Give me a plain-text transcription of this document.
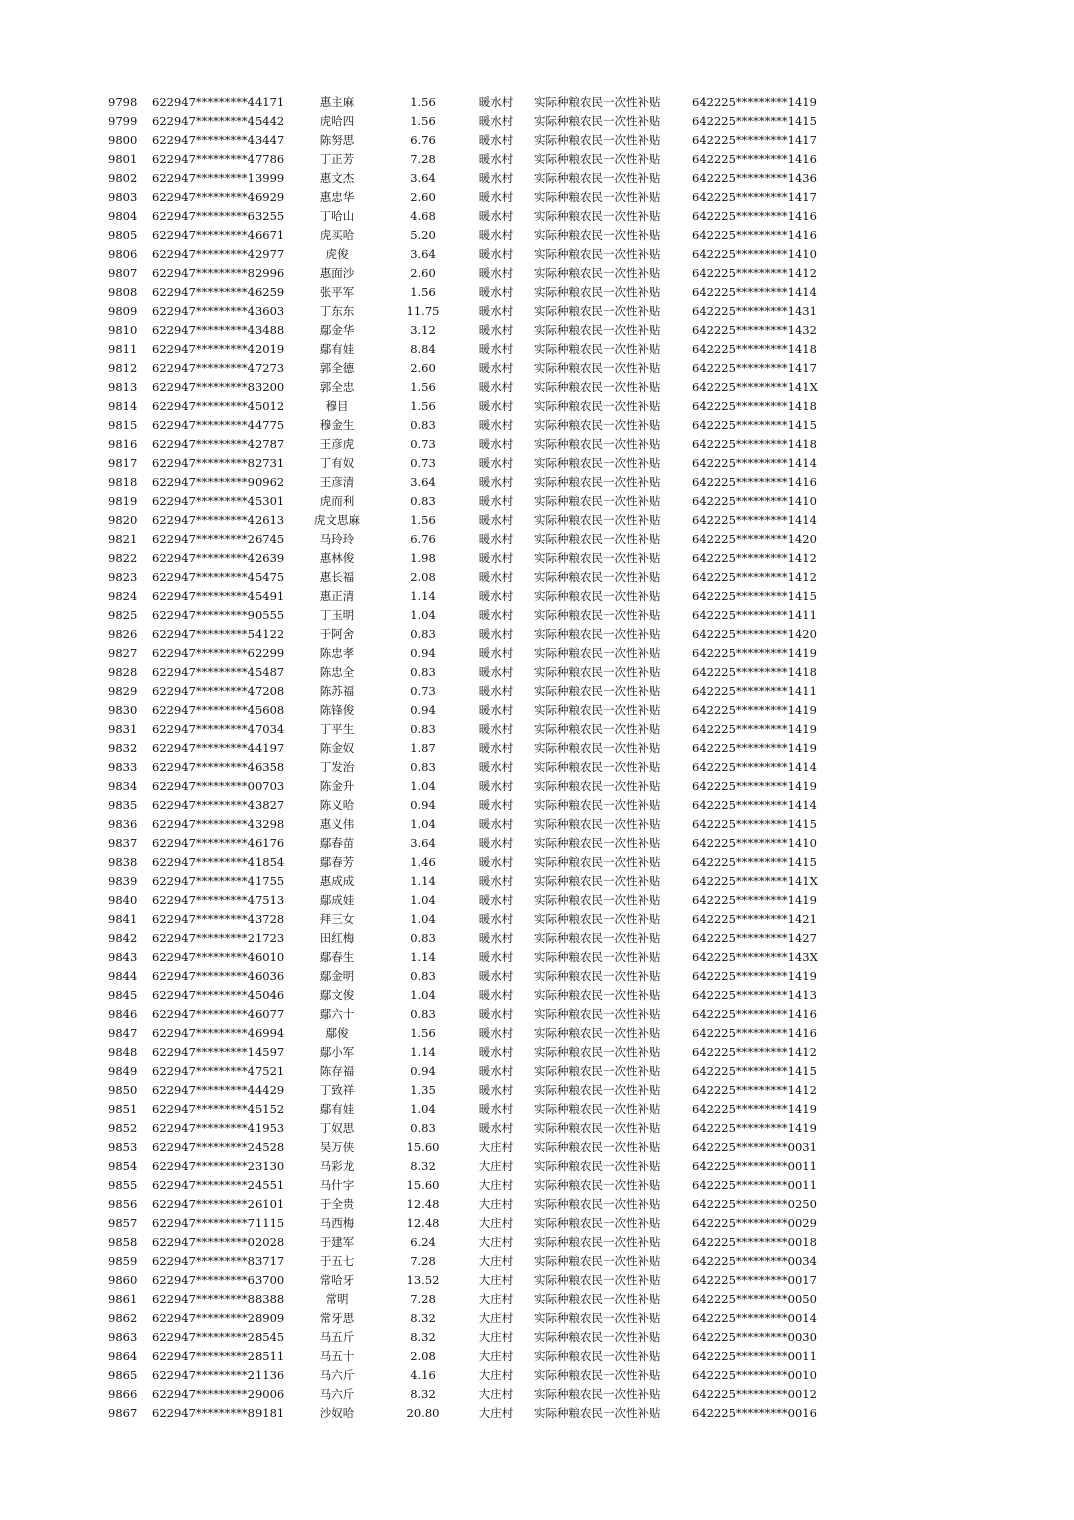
9798	622947*********44171	惠主麻	1.56	暖水村	实际种粮农民一次性补贴	642225*********1419
9799	622947*********45442	虎哈四	1.56	暖水村	实际种粮农民一次性补贴	642225*********1415
9800	622947*********43447	陈努思	6.76	暖水村	实际种粮农民一次性补贴	642225*********1417
9801	622947*********47786	丁正芳	7.28	暖水村	实际种粮农民一次性补贴	642225*********1416
9802	622947*********13999	惠文杰	3.64	暖水村	实际种粮农民一次性补贴	642225*********1436
9803	622947*********46929	惠忠华	2.60	暖水村	实际种粮农民一次性补贴	642225*********1417
9804	622947*********63255	丁哈山	4.68	暖水村	实际种粮农民一次性补贴	642225*********1416
9805	622947*********46671	虎买哈	5.20	暖水村	实际种粮农民一次性补贴	642225*********1416
9806	622947*********42977	虎俊	3.64	暖水村	实际种粮农民一次性补贴	642225*********1410
9807	622947*********82996	惠面沙	2.60	暖水村	实际种粮农民一次性补贴	642225*********1412
9808	622947*********46259	张平军	1.56	暖水村	实际种粮农民一次性补贴	642225*********1414
9809	622947*********43603	丁东东	11.75	暖水村	实际种粮农民一次性补贴	642225*********1431
9810	622947*********43488	鄢金华	3.12	暖水村	实际种粮农民一次性补贴	642225*********1432
9811	622947*********42019	鄢有娃	8.84	暖水村	实际种粮农民一次性补贴	642225*********1418
9812	622947*********47273	郭全德	2.60	暖水村	实际种粮农民一次性补贴	642225*********1417
9813	622947*********83200	郭全忠	1.56	暖水村	实际种粮农民一次性补贴	642225*********141X
9814	622947*********45012	穆目	1.56	暖水村	实际种粮农民一次性补贴	642225*********1418
9815	622947*********44775	穆金生	0.83	暖水村	实际种粮农民一次性补贴	642225*********1415
9816	622947*********42787	王彦虎	0.73	暖水村	实际种粮农民一次性补贴	642225*********1418
9817	622947*********82731	丁有奴	0.73	暖水村	实际种粮农民一次性补贴	642225*********1414
9818	622947*********90962	王彦清	3.64	暖水村	实际种粮农民一次性补贴	642225*********1416
9819	622947*********45301	虎而利	0.83	暖水村	实际种粮农民一次性补贴	642225*********1410
9820	622947*********42613	虎文思麻	1.56	暖水村	实际种粮农民一次性补贴	642225*********1414
9821	622947*********26745	马玲玲	6.76	暖水村	实际种粮农民一次性补贴	642225*********1420
9822	622947*********42639	惠林俊	1.98	暖水村	实际种粮农民一次性补贴	642225*********1412
9823	622947*********45475	惠长福	2.08	暖水村	实际种粮农民一次性补贴	642225*********1412
9824	622947*********45491	惠正清	1.14	暖水村	实际种粮农民一次性补贴	642225*********1415
9825	622947*********90555	丁玉明	1.04	暖水村	实际种粮农民一次性补贴	642225*********1411
9826	622947*********54122	于阿舍	0.83	暖水村	实际种粮农民一次性补贴	642225*********1420
9827	622947*********62299	陈忠孝	0.94	暖水村	实际种粮农民一次性补贴	642225*********1419
9828	622947*********45487	陈忠全	0.83	暖水村	实际种粮农民一次性补贴	642225*********1418
9829	622947*********47208	陈苏福	0.73	暖水村	实际种粮农民一次性补贴	642225*********1411
9830	622947*********45608	陈锋俊	0.94	暖水村	实际种粮农民一次性补贴	642225*********1419
9831	622947*********47034	丁平生	0.83	暖水村	实际种粮农民一次性补贴	642225*********1419
9832	622947*********44197	陈金奴	1.87	暖水村	实际种粮农民一次性补贴	642225*********1419
9833	622947*********46358	丁发治	0.83	暖水村	实际种粮农民一次性补贴	642225*********1414
9834	622947*********00703	陈金升	1.04	暖水村	实际种粮农民一次性补贴	642225*********1419
9835	622947*********43827	陈义哈	0.94	暖水村	实际种粮农民一次性补贴	642225*********1414
9836	622947*********43298	惠义伟	1.04	暖水村	实际种粮农民一次性补贴	642225*********1415
9837	622947*********46176	鄢春苗	3.64	暖水村	实际种粮农民一次性补贴	642225*********1410
9838	622947*********41854	鄢春芳	1.46	暖水村	实际种粮农民一次性补贴	642225*********1415
9839	622947*********41755	惠成成	1.14	暖水村	实际种粮农民一次性补贴	642225*********141X
9840	622947*********47513	鄢成娃	1.04	暖水村	实际种粮农民一次性补贴	642225*********1419
9841	622947*********43728	拜三女	1.04	暖水村	实际种粮农民一次性补贴	642225*********1421
9842	622947*********21723	田红梅	0.83	暖水村	实际种粮农民一次性补贴	642225*********1427
9843	622947*********46010	鄢春生	1.14	暖水村	实际种粮农民一次性补贴	642225*********143X
9844	622947*********46036	鄢金明	0.83	暖水村	实际种粮农民一次性补贴	642225*********1419
9845	622947*********45046	鄢文俊	1.04	暖水村	实际种粮农民一次性补贴	642225*********1413
9846	622947*********46077	鄢六十	0.83	暖水村	实际种粮农民一次性补贴	642225*********1416
9847	622947*********46994	鄢俊	1.56	暖水村	实际种粮农民一次性补贴	642225*********1416
9848	622947*********14597	鄢小军	1.14	暖水村	实际种粮农民一次性补贴	642225*********1412
9849	622947*********47521	陈存福	0.94	暖水村	实际种粮农民一次性补贴	642225*********1415
9850	622947*********44429	丁致祥	1.35	暖水村	实际种粮农民一次性补贴	642225*********1412
9851	622947*********45152	鄢有娃	1.04	暖水村	实际种粮农民一次性补贴	642225*********1419
9852	622947*********41953	丁奴思	0.83	暖水村	实际种粮农民一次性补贴	642225*********1419
9853	622947*********24528	吴万侠	15.60	大庄村	实际种粮农民一次性补贴	642225*********0031
9854	622947*********23130	马彩龙	8.32	大庄村	实际种粮农民一次性补贴	642225*********0011
9855	622947*********24551	马什字	15.60	大庄村	实际种粮农民一次性补贴	642225*********0011
9856	622947*********26101	于全贵	12.48	大庄村	实际种粮农民一次性补贴	642225*********0250
9857	622947*********71115	马西梅	12.48	大庄村	实际种粮农民一次性补贴	642225*********0029
9858	622947*********02028	于建军	6.24	大庄村	实际种粮农民一次性补贴	642225*********0018
9859	622947*********83717	于五七	7.28	大庄村	实际种粮农民一次性补贴	642225*********0034
9860	622947*********63700	常哈牙	13.52	大庄村	实际种粮农民一次性补贴	642225*********0017
9861	622947*********88388	常明	7.28	大庄村	实际种粮农民一次性补贴	642225*********0050
9862	622947*********28909	常牙思	8.32	大庄村	实际种粮农民一次性补贴	642225*********0014
9863	622947*********28545	马五斤	8.32	大庄村	实际种粮农民一次性补贴	642225*********0030
9864	622947*********28511	马五十	2.08	大庄村	实际种粮农民一次性补贴	642225*********0011
9865	622947*********21136	马六斤	4.16	大庄村	实际种粮农民一次性补贴	642225*********0010
9866	622947*********29006	马六斤	8.32	大庄村	实际种粮农民一次性补贴	642225*********0012
9867	622947*********89181	沙奴哈	20.80	大庄村	实际种粮农民一次性补贴	642225*********0016
